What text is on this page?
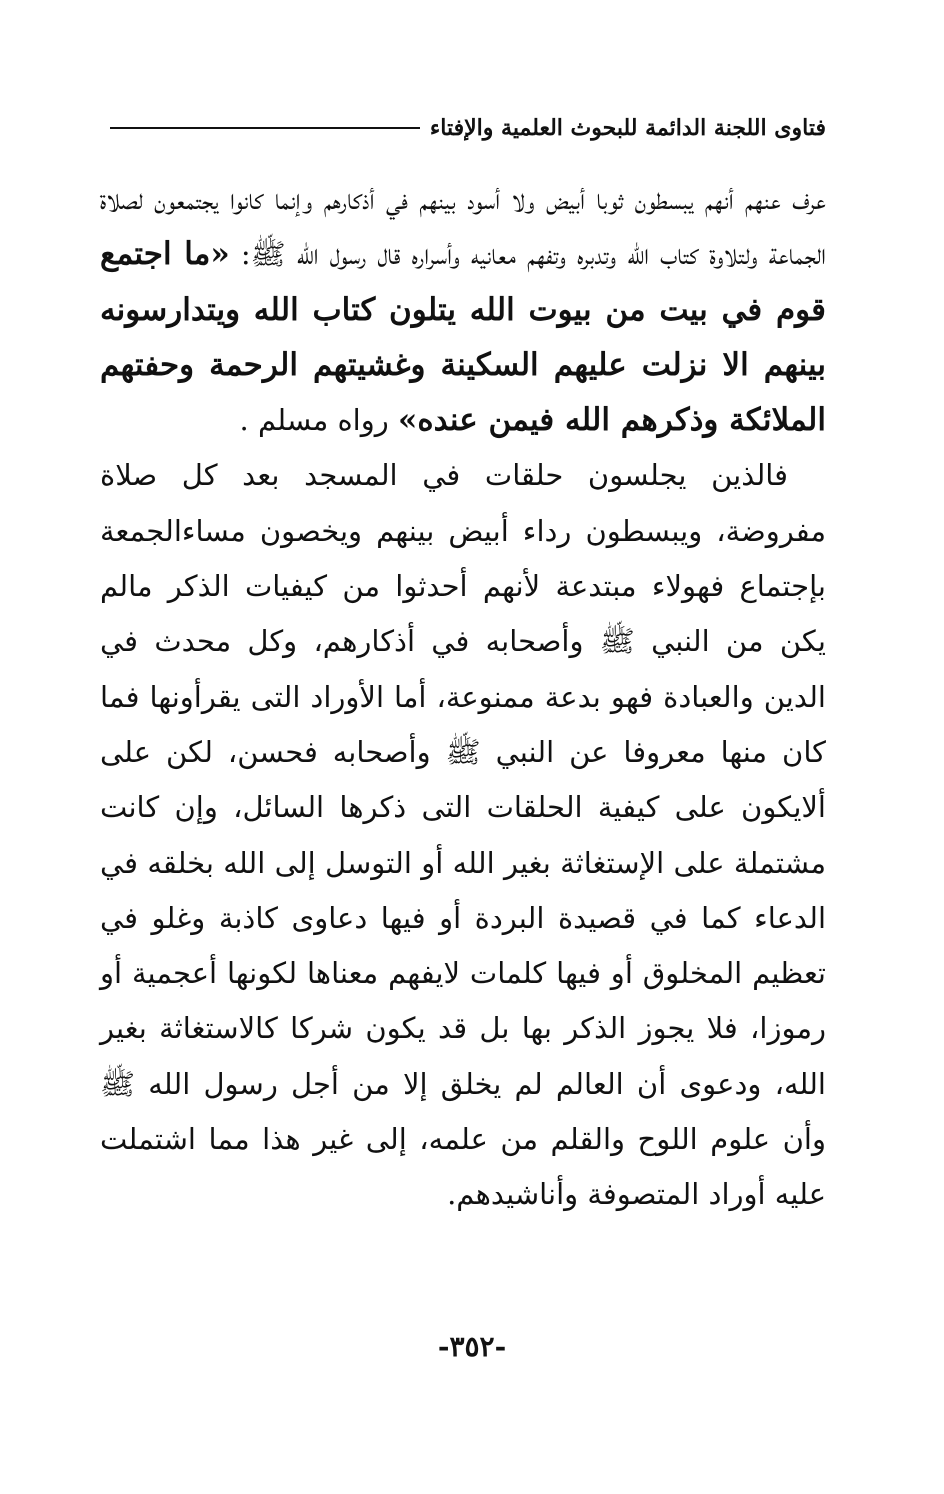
فتاوى اللجنة الدائمة للبحوث العلمية والإفتاء

عرف عنهم أنهم يبسطون ثوبا أبيض ولا أسود بينهم في أذكارهم وإنما كانوا يجتمعون لصلاة الجماعة ولتلاوة كتاب الله وتدبره وتفهم معانيه وأسراره قال رسول الله ﷺ: «ما اجتمع قوم في بيت من بيوت الله يتلون كتاب الله ويتدارسونه بينهم الا نزلت عليهم السكينة وغشيتهم الرحمة وحفتهم الملائكة وذكرهم الله فيمن عنده» رواه مسلم .

فالذين يجلسون حلقات في المسجد بعد كل صلاة مفروضة، ويبسطون رداء أبيض بينهم ويخصون مساءالجمعة بإجتماع فهولاء مبتدعة لأنهم أحدثوا من كيفيات الذكر مالم يكن من النبي ﷺ وأصحابه في أذكارهم، وكل محدث في الدين والعبادة فهو بدعة ممنوعة، أما الأوراد التى يقرأونها فما كان منها معروفا عن النبي ﷺ وأصحابه فحسن، لكن على ألايكون على كيفية الحلقات التى ذكرها السائل، وإن كانت مشتملة على الإستغاثة بغير الله أو التوسل إلى الله بخلقه في الدعاء كما في قصيدة البردة أو فيها دعاوى كاذبة وغلو في تعظيم المخلوق أو فيها كلمات لايفهم معناها لكونها أعجمية أو رموزا، فلا يجوز الذكر بها بل قد يكون شركا كالاستغاثة بغير الله، ودعوى أن العالم لم يخلق إلا من أجل رسول الله ﷺ وأن علوم اللوح والقلم من علمه، إلى غير هذا مما اشتملت عليه أوراد المتصوفة وأناشيدهم.

-٣٥٢-
